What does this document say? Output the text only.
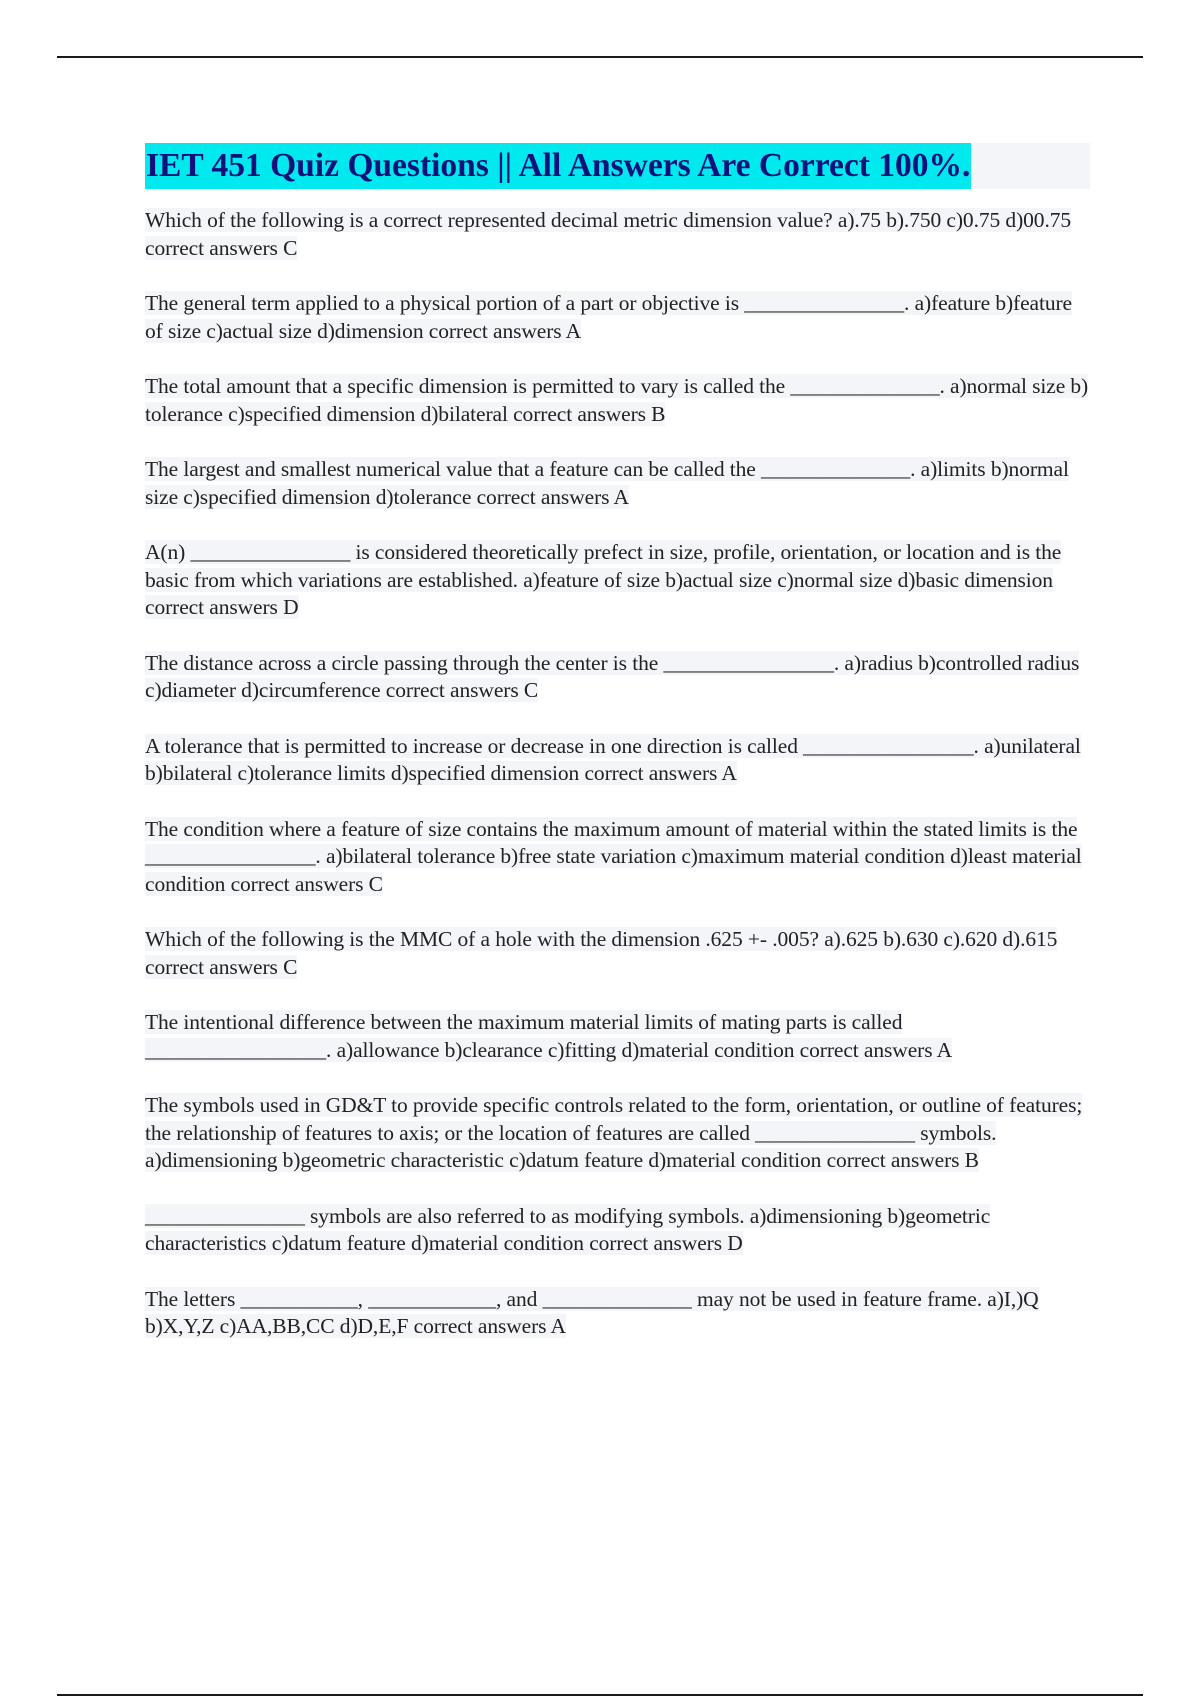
IET 451 Quiz Questions || All Answers Are Correct 100%.

Which of the following is a correct represented decimal metric dimension value? a).75 b).750 c)0.75 d)00.75 correct answers C

The general term applied to a physical portion of a part or objective is _______________. a)feature b)feature of size c)actual size d)dimension correct answers A

The total amount that a specific dimension is permitted to vary is called the ______________. a)normal size b) tolerance c)specified dimension d)bilateral correct answers B

The largest and smallest numerical value that a feature can be called the ______________. a)limits b)normal size c)specified dimension d)tolerance correct answers A

A(n) _______________ is considered theoretically prefect in size, profile, orientation, or location and is the basic from which variations are established. a)feature of size b)actual size c)normal size d)basic dimension correct answers D

The distance across a circle passing through the center is the ________________. a)radius b)controlled radius c)diameter d)circumference correct answers C

A tolerance that is permitted to increase or decrease in one direction is called ________________. a)unilateral b)bilateral c)tolerance limits d)specified dimension correct answers A

The condition where a feature of size contains the maximum amount of material within the stated limits is the ________________. a)bilateral tolerance b)free state variation c)maximum material condition d)least material condition correct answers C

Which of the following is the MMC of a hole with the dimension .625 +- .005? a).625 b).630 c).620 d).615 correct answers C

The intentional difference between the maximum material limits of mating parts is called _________________. a)allowance b)clearance c)fitting d)material condition correct answers A

The symbols used in GD&T to provide specific controls related to the form, orientation, or outline of features; the relationship of features to axis; or the location of features are called _______________ symbols. a)dimensioning b)geometric characteristic c)datum feature d)material condition correct answers B

_______________ symbols are also referred to as modifying symbols. a)dimensioning b)geometric characteristics c)datum feature d)material condition correct answers D

The letters ___________, ____________, and ______________ may not be used in feature frame. a)I,)Q b)X,Y,Z c)AA,BB,CC d)D,E,F correct answers A
